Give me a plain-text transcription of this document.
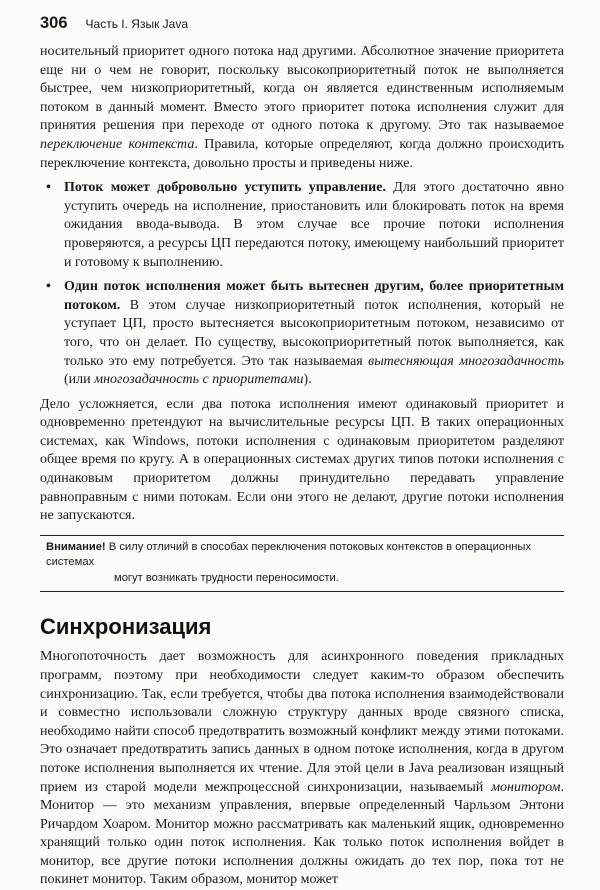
306 Часть I. Язык Java

носительный приоритет одного потока над другими. Абсолютное значение приоритета еще ни о чем не говорит, поскольку высокоприоритетный поток не выполняется быстрее, чем низкоприоритетный, когда он является единственным исполняемым потоком в данный момент. Вместо этого приоритет потока исполнения служит для принятия решения при переходе от одного потока к другому. Это так называемое переключение контекста. Правила, которые определяют, когда должно происходить переключение контекста, довольно просты и приведены ниже.

• Поток может добровольно уступить управление. Для этого достаточно явно уступить очередь на исполнение, приостановить или блокировать поток на время ожидания ввода-вывода. В этом случае все прочие потоки исполнения проверяются, а ресурсы ЦП передаются потоку, имеющему наибольший приоритет и готовому к выполнению.
• Один поток исполнения может быть вытеснен другим, более приоритетным потоком. В этом случае низкоприоритетный поток исполнения, который не уступает ЦП, просто вытесняется высокоприоритетным потоком, независимо от того, что он делает. По существу, высокоприоритетный поток выполняется, как только это ему потребуется. Это так называемая вытесняющая многозадачность (или многозадачность с приоритетами).

Дело усложняется, если два потока исполнения имеют одинаковый приоритет и одновременно претендуют на вычислительные ресурсы ЦП. В таких операционных системах, как Windows, потоки исполнения с одинаковым приоритетом разделяют общее время по кругу. А в операционных системах других типов потоки исполнения с одинаковым приоритетом должны принудительно передавать управление равноправным с ними потокам. Если они этого не делают, другие потоки исполнения не запускаются.

Внимание! В силу отличий в способах переключения потоковых контекстов в операционных системах
могут возникать трудности переносимости.
Синхронизация

Многопоточность дает возможность для асинхронного поведения прикладных программ, поэтому при необходимости следует каким-то образом обеспечить синхронизацию. Так, если требуется, чтобы два потока исполнения взаимодействовали и совместно использовали сложную структуру данных вроде связного списка, необходимо найти способ предотвратить возможный конфликт между этими потоками. Это означает предотвратить запись данных в одном потоке исполнения, когда в другом потоке исполнения выполняется их чтение. Для этой цели в Java реализован изящный прием из старой модели межпроцессной синхронизации, называемый монитором. Монитор — это механизм управления, впервые определенный Чарльзом Энтони Ричардом Хоаром. Монитор можно рассматривать как маленький ящик, одновременно хранящий только один поток исполнения. Как только поток исполнения войдет в монитор, все другие потоки исполнения должны ожидать до тех пор, пока тот не покинет монитор. Таким образом, монитор может
